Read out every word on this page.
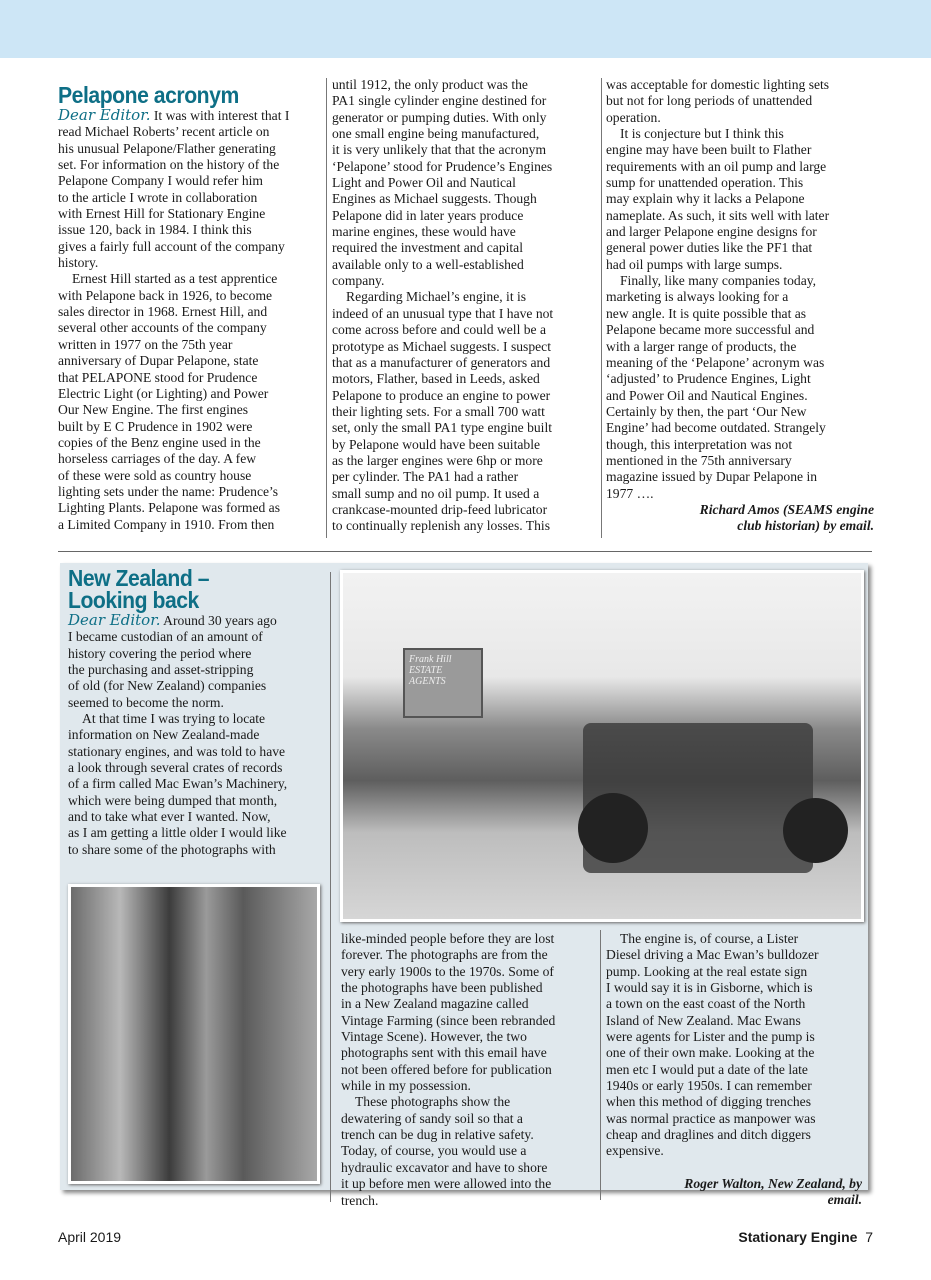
Pelapone acronym

Dear Editor. It was with interest that I
read Michael Roberts’ recent article on
his unusual Pelapone/Flather generating
set. For information on the history of the
Pelapone Company I would refer him
to the article I wrote in collaboration
with Ernest Hill for Stationary Engine
issue 120, back in 1984. I think this
gives a fairly full account of the company
history.

Ernest Hill started as a test apprentice
with Pelapone back in 1926, to become
sales director in 1968. Ernest Hill, and
several other accounts of the company
written in 1977 on the 75th year
anniversary of Dupar Pelapone, state
that PELAPONE stood for Prudence
Electric Light (or Lighting) and Power
Our New Engine. The first engines
built by E C Prudence in 1902 were
copies of the Benz engine used in the
horseless carriages of the day. A few
of these were sold as country house
lighting sets under the name: Prudence’s
Lighting Plants. Pelapone was formed as
a Limited Company in 1910. From then

until 1912, the only product was the
PA1 single cylinder engine destined for
generator or pumping duties. With only
one small engine being manufactured,
it is very unlikely that that the acronym
‘Pelapone’ stood for Prudence’s Engines
Light and Power Oil and Nautical
Engines as Michael suggests. Though
Pelapone did in later years produce
marine engines, these would have
required the investment and capital
available only to a well-established
company.

Regarding Michael’s engine, it is
indeed of an unusual type that I have not
come across before and could well be a
prototype as Michael suggests. I suspect
that as a manufacturer of generators and
motors, Flather, based in Leeds, asked
Pelapone to produce an engine to power
their lighting sets. For a small 700 watt
set, only the small PA1 type engine built
by Pelapone would have been suitable
as the larger engines were 6hp or more
per cylinder. The PA1 had a rather
small sump and no oil pump. It used a
crankcase-mounted drip-feed lubricator
to continually replenish any losses. This

was acceptable for domestic lighting sets
but not for long periods of unattended
operation.

It is conjecture but I think this
engine may have been built to Flather
requirements with an oil pump and large
sump for unattended operation. This
may explain why it lacks a Pelapone
nameplate. As such, it sits well with later
and larger Pelapone engine designs for
general power duties like the PF1 that
had oil pumps with large sumps.

Finally, like many companies today,
marketing is always looking for a
new angle. It is quite possible that as
Pelapone became more successful and
with a larger range of products, the
meaning of the ‘Pelapone’ acronym was
‘adjusted’ to Prudence Engines, Light
and Power Oil and Nautical Engines.
Certainly by then, the part ‘Our New
Engine’ had become outdated. Strangely
though, this interpretation was not
mentioned in the 75th anniversary
magazine issued by Dupar Pelapone in
1977 ….

Richard Amos (SEAMS engine
club historian) by email.

New Zealand –
Looking back

Dear Editor. Around 30 years ago
I became custodian of an amount of
history covering the period where
the purchasing and asset-stripping
of old (for New Zealand) companies
seemed to become the norm.

At that time I was trying to locate
information on New Zealand-made
stationary engines, and was told to have
a look through several crates of records
of a firm called Mac Ewan’s Machinery,
which were being dumped that month,
and to take what ever I wanted. Now,
as I am getting a little older I would like
to share some of the photographs with

Frank Hill ESTATE AGENTS

like-minded people before they are lost
forever. The photographs are from the
very early 1900s to the 1970s. Some of
the photographs have been published
in a New Zealand magazine called
Vintage Farming (since been rebranded
Vintage Scene). However, the two
photographs sent with this email have
not been offered before for publication
while in my possession.

These photographs show the
dewatering of sandy soil so that a
trench can be dug in relative safety.
Today, of course, you would use a
hydraulic excavator and have to shore
it up before men were allowed into the
trench.

The engine is, of course, a Lister
Diesel driving a Mac Ewan’s bulldozer
pump. Looking at the real estate sign
I would say it is in Gisborne, which is
a town on the east coast of the North
Island of New Zealand. Mac Ewans
were agents for Lister and the pump is
one of their own make. Looking at the
men etc I would put a date of the late
1940s or early 1950s. I can remember
when this method of digging trenches
was normal practice as manpower was
cheap and draglines and ditch diggers
expensive.

Roger Walton, New Zealand, by
email.

April 2019	Stationary Engine 7
